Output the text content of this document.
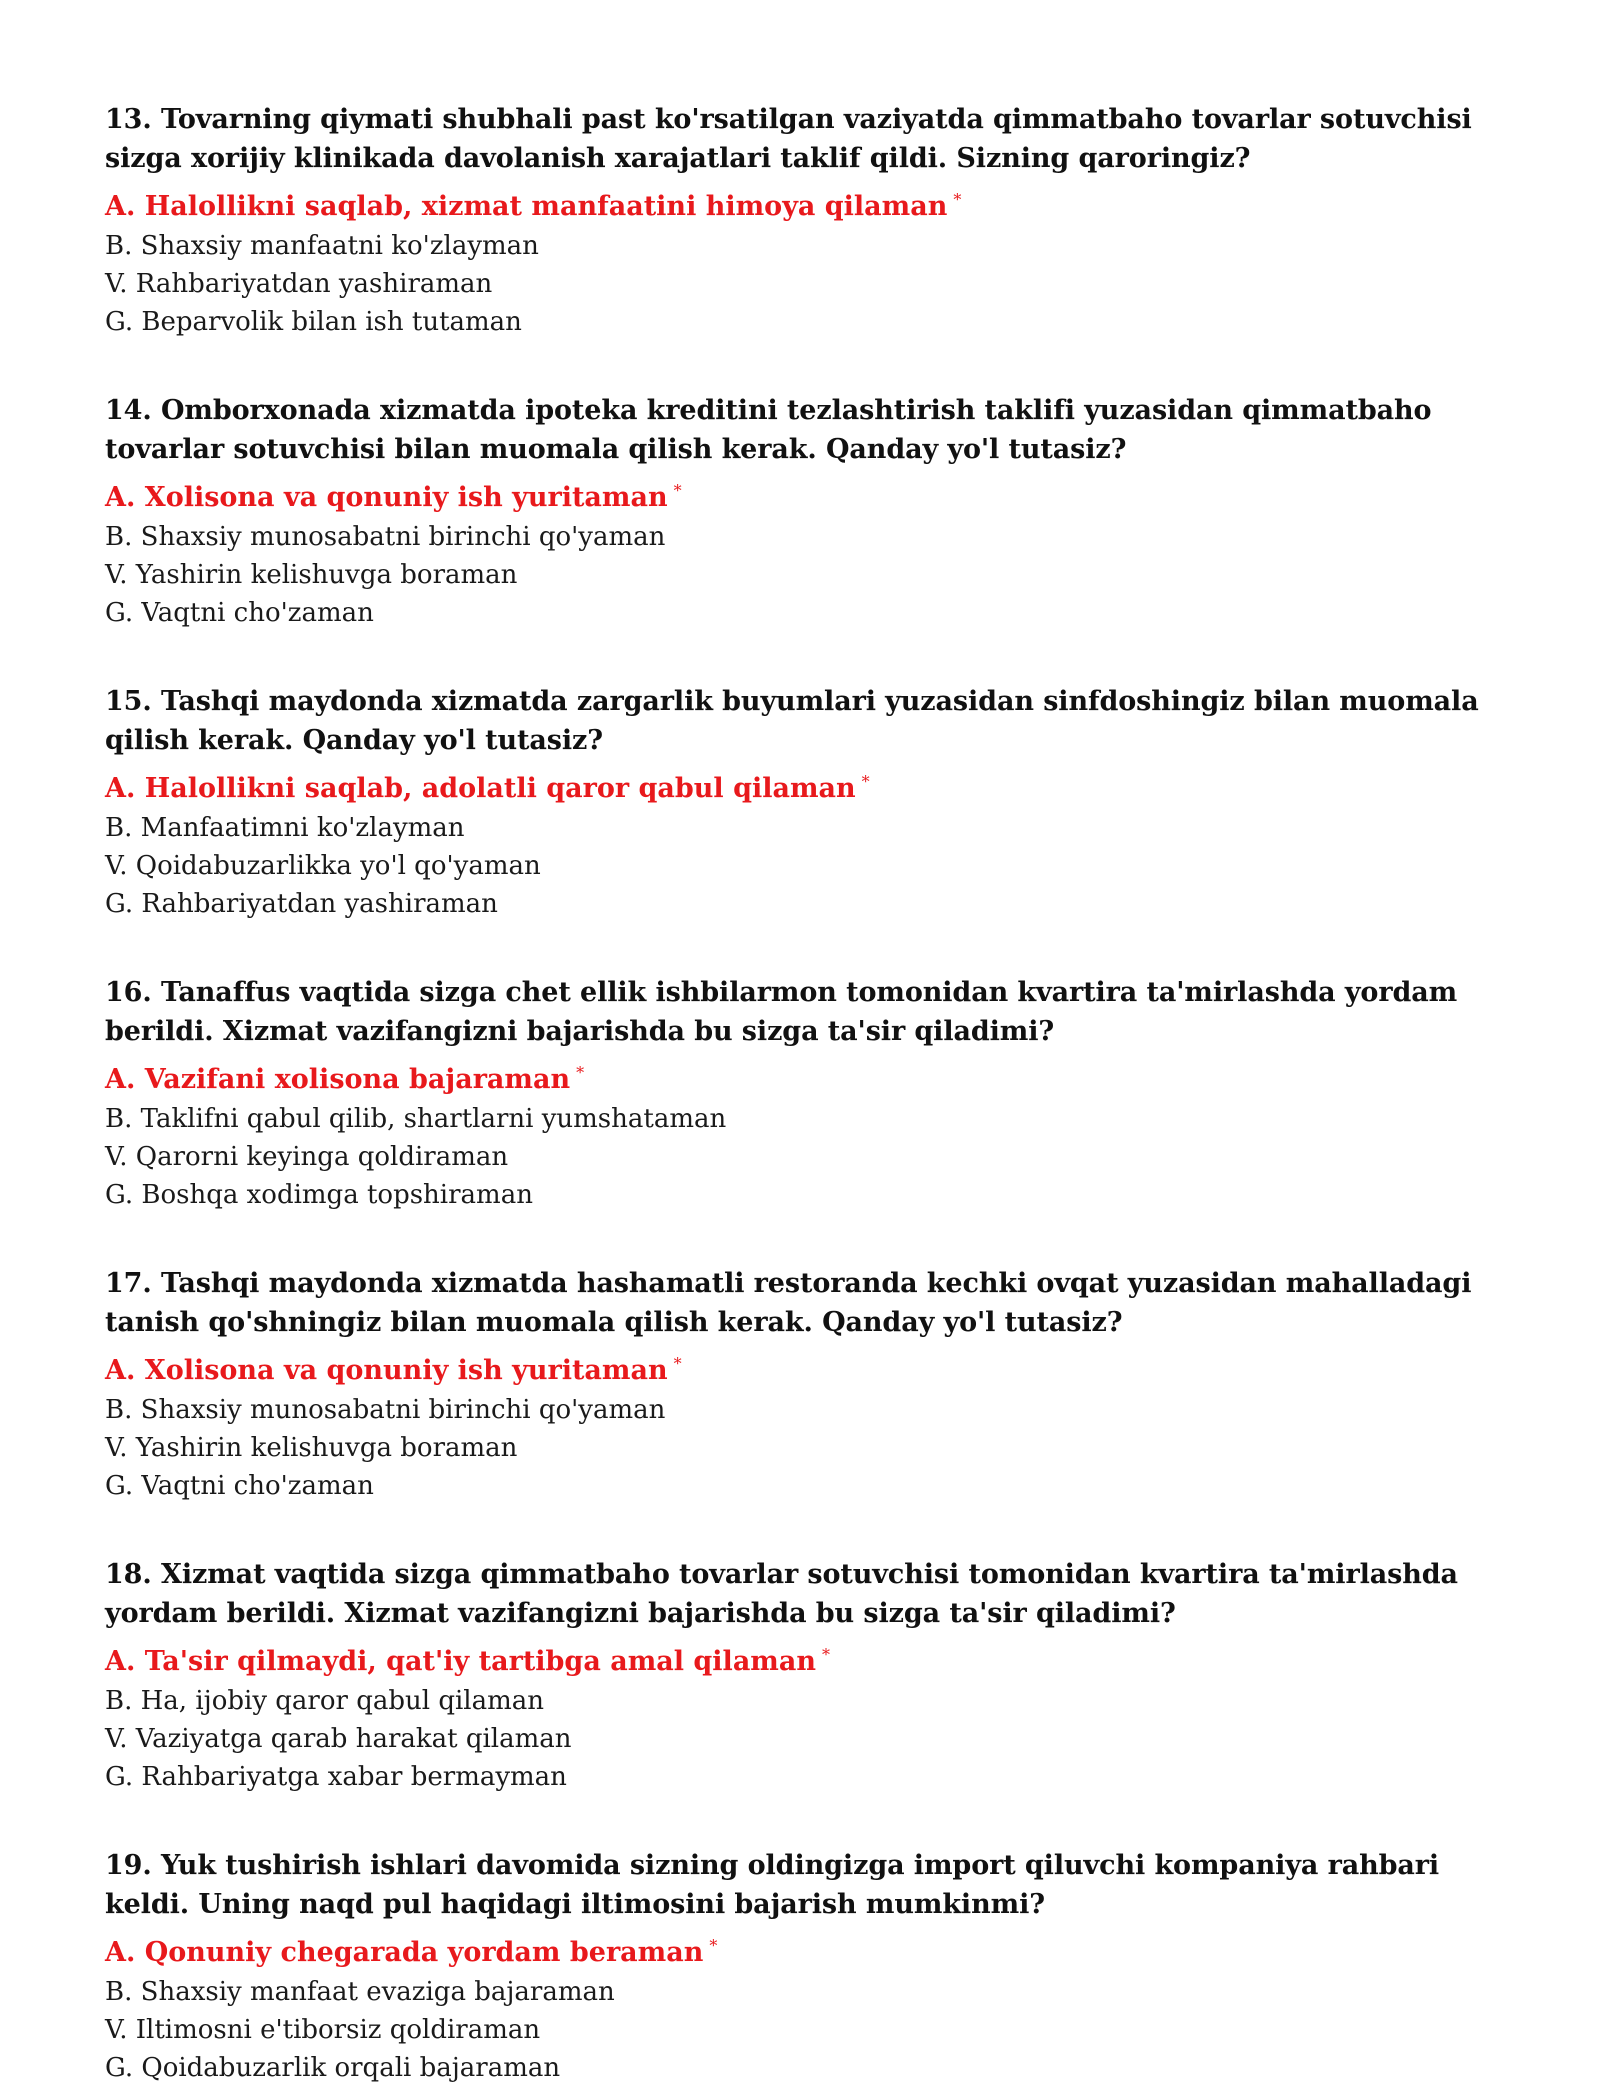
13. Tovarning qiymati shubhali past ko'rsatilgan vaziyatda qimmatbaho tovarlar sotuvchisi sizga xorijiy klinikada davolanish xarajatlari taklif qildi. Sizning qaroringiz?
A. Halollikni saqlab, xizmat manfaatini himoya qilaman *
B. Shaxsiy manfaatni ko'zlayman
V. Rahbariyatdan yashiraman
G. Beparvolik bilan ish tutaman
14. Omborxonada xizmatda ipoteka kreditini tezlashtirish taklifi yuzasidan qimmatbaho tovarlar sotuvchisi bilan muomala qilish kerak. Qanday yo'l tutasiz?
A. Xolisona va qonuniy ish yuritaman *
B. Shaxsiy munosabatni birinchi qo'yaman
V. Yashirin kelishuvga boraman
G. Vaqtni cho'zaman
15. Tashqi maydonda xizmatda zargarlik buyumlari yuzasidan sinfdoshingiz bilan muomala qilish kerak. Qanday yo'l tutasiz?
A. Halollikni saqlab, adolatli qaror qabul qilaman *
B. Manfaatimni ko'zlayman
V. Qoidabuzarlikka yo'l qo'yaman
G. Rahbariyatdan yashiraman
16. Tanaffus vaqtida sizga chet ellik ishbilarmon tomonidan kvartira ta'mirlashda yordam berildi. Xizmat vazifangizni bajarishda bu sizga ta'sir qiladimi?
A. Vazifani xolisona bajaraman *
B. Taklifni qabul qilib, shartlarni yumshataman
V. Qarorni keyinga qoldiraman
G. Boshqa xodimga topshiraman
17. Tashqi maydonda xizmatda hashamatli restoranda kechki ovqat yuzasidan mahalladagi tanish qo'shningiz bilan muomala qilish kerak. Qanday yo'l tutasiz?
A. Xolisona va qonuniy ish yuritaman *
B. Shaxsiy munosabatni birinchi qo'yaman
V. Yashirin kelishuvga boraman
G. Vaqtni cho'zaman
18. Xizmat vaqtida sizga qimmatbaho tovarlar sotuvchisi tomonidan kvartira ta'mirlashda yordam berildi. Xizmat vazifangizni bajarishda bu sizga ta'sir qiladimi?
A. Ta'sir qilmaydi, qat'iy tartibga amal qilaman *
B. Ha, ijobiy qaror qabul qilaman
V. Vaziyatga qarab harakat qilaman
G. Rahbariyatga xabar bermayman
19. Yuk tushirish ishlari davomida sizning oldingizga import qiluvchi kompaniya rahbari keldi. Uning naqd pul haqidagi iltimosini bajarish mumkinmi?
A. Qonuniy chegarada yordam beraman *
B. Shaxsiy manfaat evaziga bajaraman
V. Iltimosni e'tiborsiz qoldiraman
G. Qoidabuzarlik orqali bajaraman
